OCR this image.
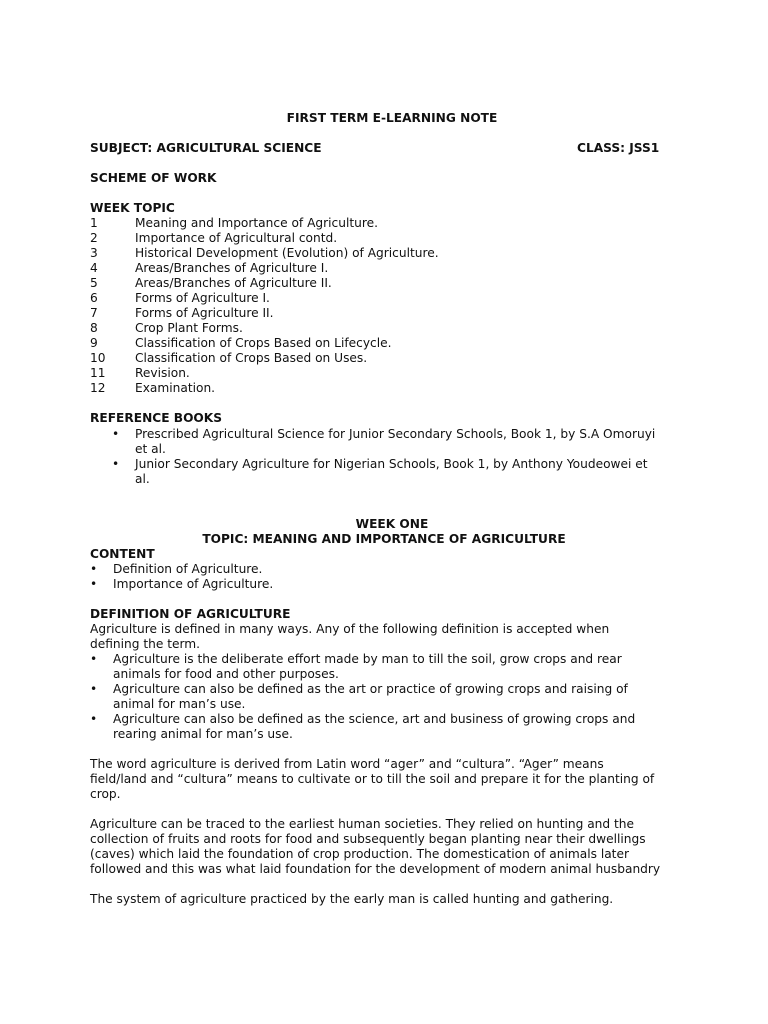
FIRST TERM E-LEARNING NOTE
SUBJECT: AGRICULTURAL SCIENCE	CLASS: JSS1
SCHEME OF WORK
WEEK TOPIC
1	Meaning and Importance of Agriculture.
2	Importance of Agricultural contd.
3	Historical Development (Evolution) of Agriculture.
4	Areas/Branches of Agriculture I.
5	Areas/Branches of Agriculture II.
6	Forms of Agriculture I.
7	Forms of Agriculture II.
8	Crop Plant Forms.
9	Classification of Crops Based on Lifecycle.
10 Classification of Crops Based on Uses.
11 Revision.
12 Examination.
REFERENCE BOOKS
• Prescribed Agricultural Science for Junior Secondary Schools, Book 1, by S.A Omoruyi
et al.
• Junior Secondary Agriculture for Nigerian Schools, Book 1, by Anthony Youdeowei et
al.
WEEK ONE
TOPIC: MEANING AND IMPORTANCE OF AGRICULTURE
CONTENT
• Definition of Agriculture.
• Importance of Agriculture.
DEFINITION OF AGRICULTURE
Agriculture is defined in many ways. Any of the following definition is accepted when
defining the term.
• Agriculture is the deliberate effort made by man to till the soil, grow crops and rear
animals for food and other purposes.
• Agriculture can also be defined as the art or practice of growing crops and raising of
animal for man’s use.
• Agriculture can also be defined as the science, art and business of growing crops and
rearing animal for man’s use.
The word agriculture is derived from Latin word “ager” and “cultura”. “Ager” means
field/land and “cultura” means to cultivate or to till the soil and prepare it for the planting of
crop.
Agriculture can be traced to the earliest human societies. They relied on hunting and the
collection of fruits and roots for food and subsequently began planting near their dwellings
(caves) which laid the foundation of crop production. The domestication of animals later
followed and this was what laid foundation for the development of modern animal husbandry
The system of agriculture practiced by the early man is called hunting and gathering.
